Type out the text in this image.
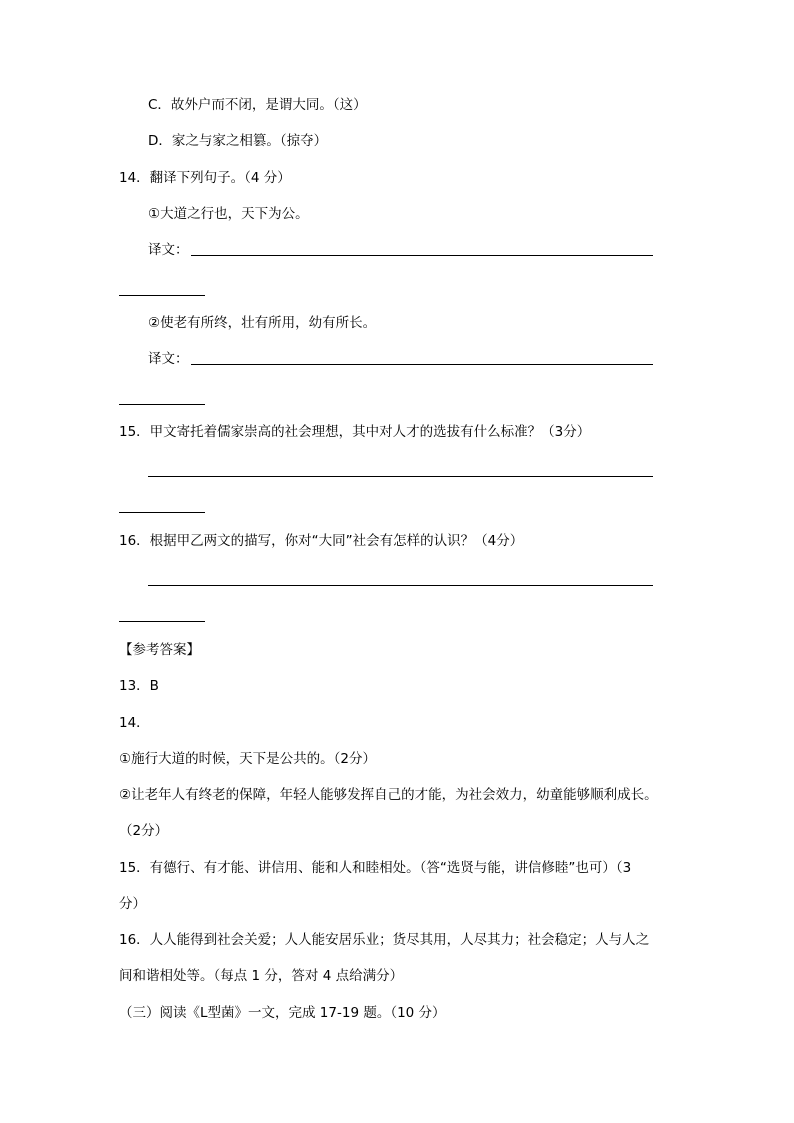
C．故外户而不闭，是谓大同。（这）
D．家之与家之相篡。（掠夺）
14．翻译下列句子。（4 分）
①大道之行也，天下为公。
译文：
②使老有所终，壮有所用，幼有所长。
译文：
15．甲文寄托着儒家崇高的社会理想，其中对人才的选拔有什么标准？（3分）
16．根据甲乙两文的描写，你对“大同”社会有怎样的认识？（4分）
【参考答案】
13．B
14．
①施行大道的时候，天下是公共的。（2分）
②让老年人有终老的保障，年轻人能够发挥自己的才能，为社会效力，幼童能够顺利成长。
（2分）
15．有德行、有才能、讲信用、能和人和睦相处。（答“选贤与能，讲信修睦”也可）（3
分）
16．人人能得到社会关爱；人人能安居乐业；货尽其用，人尽其力；社会稳定；人与人之
间和谐相处等。（每点 1 分，答对 4 点给满分）
（三）阅读《L型菌》一文，完成 17-19 题。（10 分）
